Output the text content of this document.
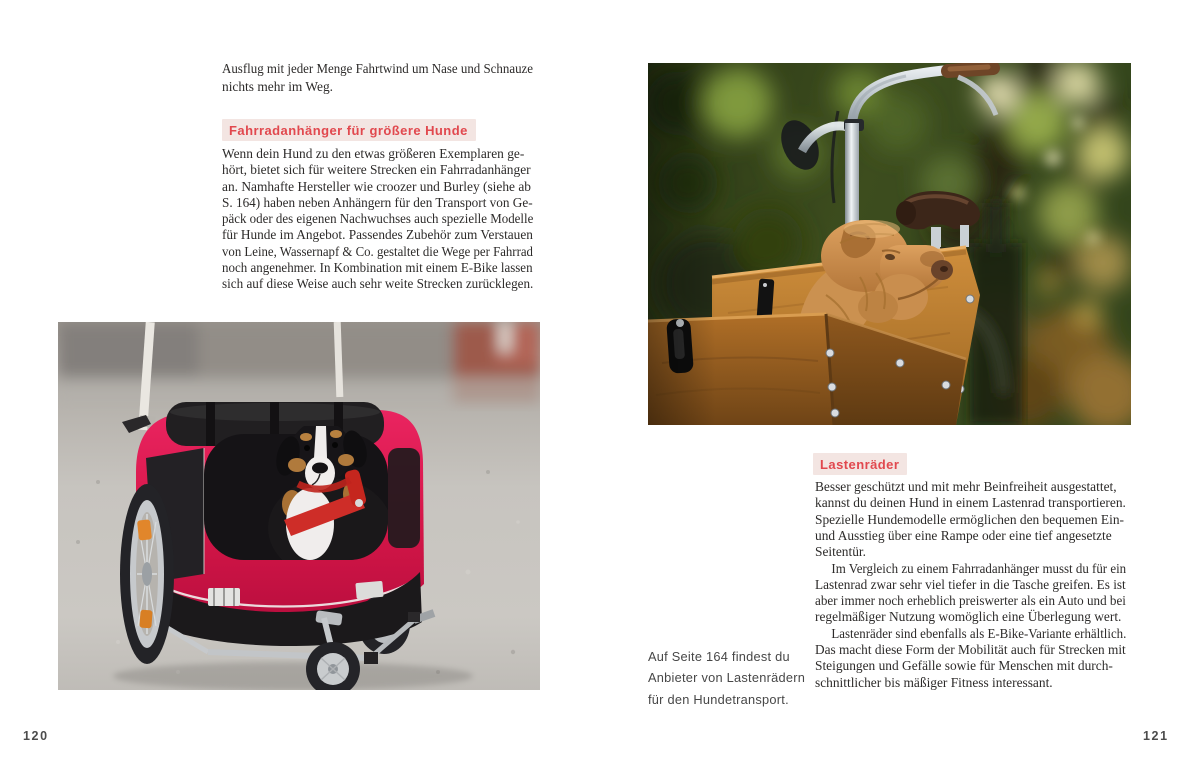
Ausflug mit jeder Menge Fahrtwind um Nase und Schnauze
nichts mehr im Weg.
Fahrradanhänger für größere Hunde
Wenn dein Hund zu den etwas größeren Exemplaren ge-
hört, bietet sich für weitere Strecken ein Fahrradanhänger
an. Namhafte Hersteller wie croozer und Burley (siehe ab
S. 164) haben neben Anhängern für den Transport von Ge-
päck oder des eigenen Nachwuchses auch spezielle Modelle
für Hunde im Angebot. Passendes Zubehör zum Verstauen
von Leine, Wassernapf & Co. gestaltet die Wege per Fahrrad
noch angenehmer. In Kombination mit einem E-Bike lassen
sich auf diese Weise auch sehr weite Strecken zurücklegen.
120
Lastenräder
Besser geschützt und mit mehr Beinfreiheit ausgestattet,
kannst du deinen Hund in einem Lastenrad transportieren.
Spezielle Hundemodelle ermöglichen den bequemen Ein-
und Ausstieg über eine Rampe oder eine tief angesetzte
Seitentür.
Im Vergleich zu einem Fahrradanhänger musst du für ein
Lastenrad zwar sehr viel tiefer in die Tasche greifen. Es ist
aber immer noch erheblich preiswerter als ein Auto und bei
regelmäßiger Nutzung womöglich eine Überlegung wert.
Lastenräder sind ebenfalls als E-Bike-Variante erhältlich.
Das macht diese Form der Mobilität auch für Strecken mit
Steigungen und Gefälle sowie für Menschen mit durch-
schnittlicher bis mäßiger Fitness interessant.
Auf Seite 164 findest du
Anbieter von Lastenrädern
für den Hundetransport.
121
